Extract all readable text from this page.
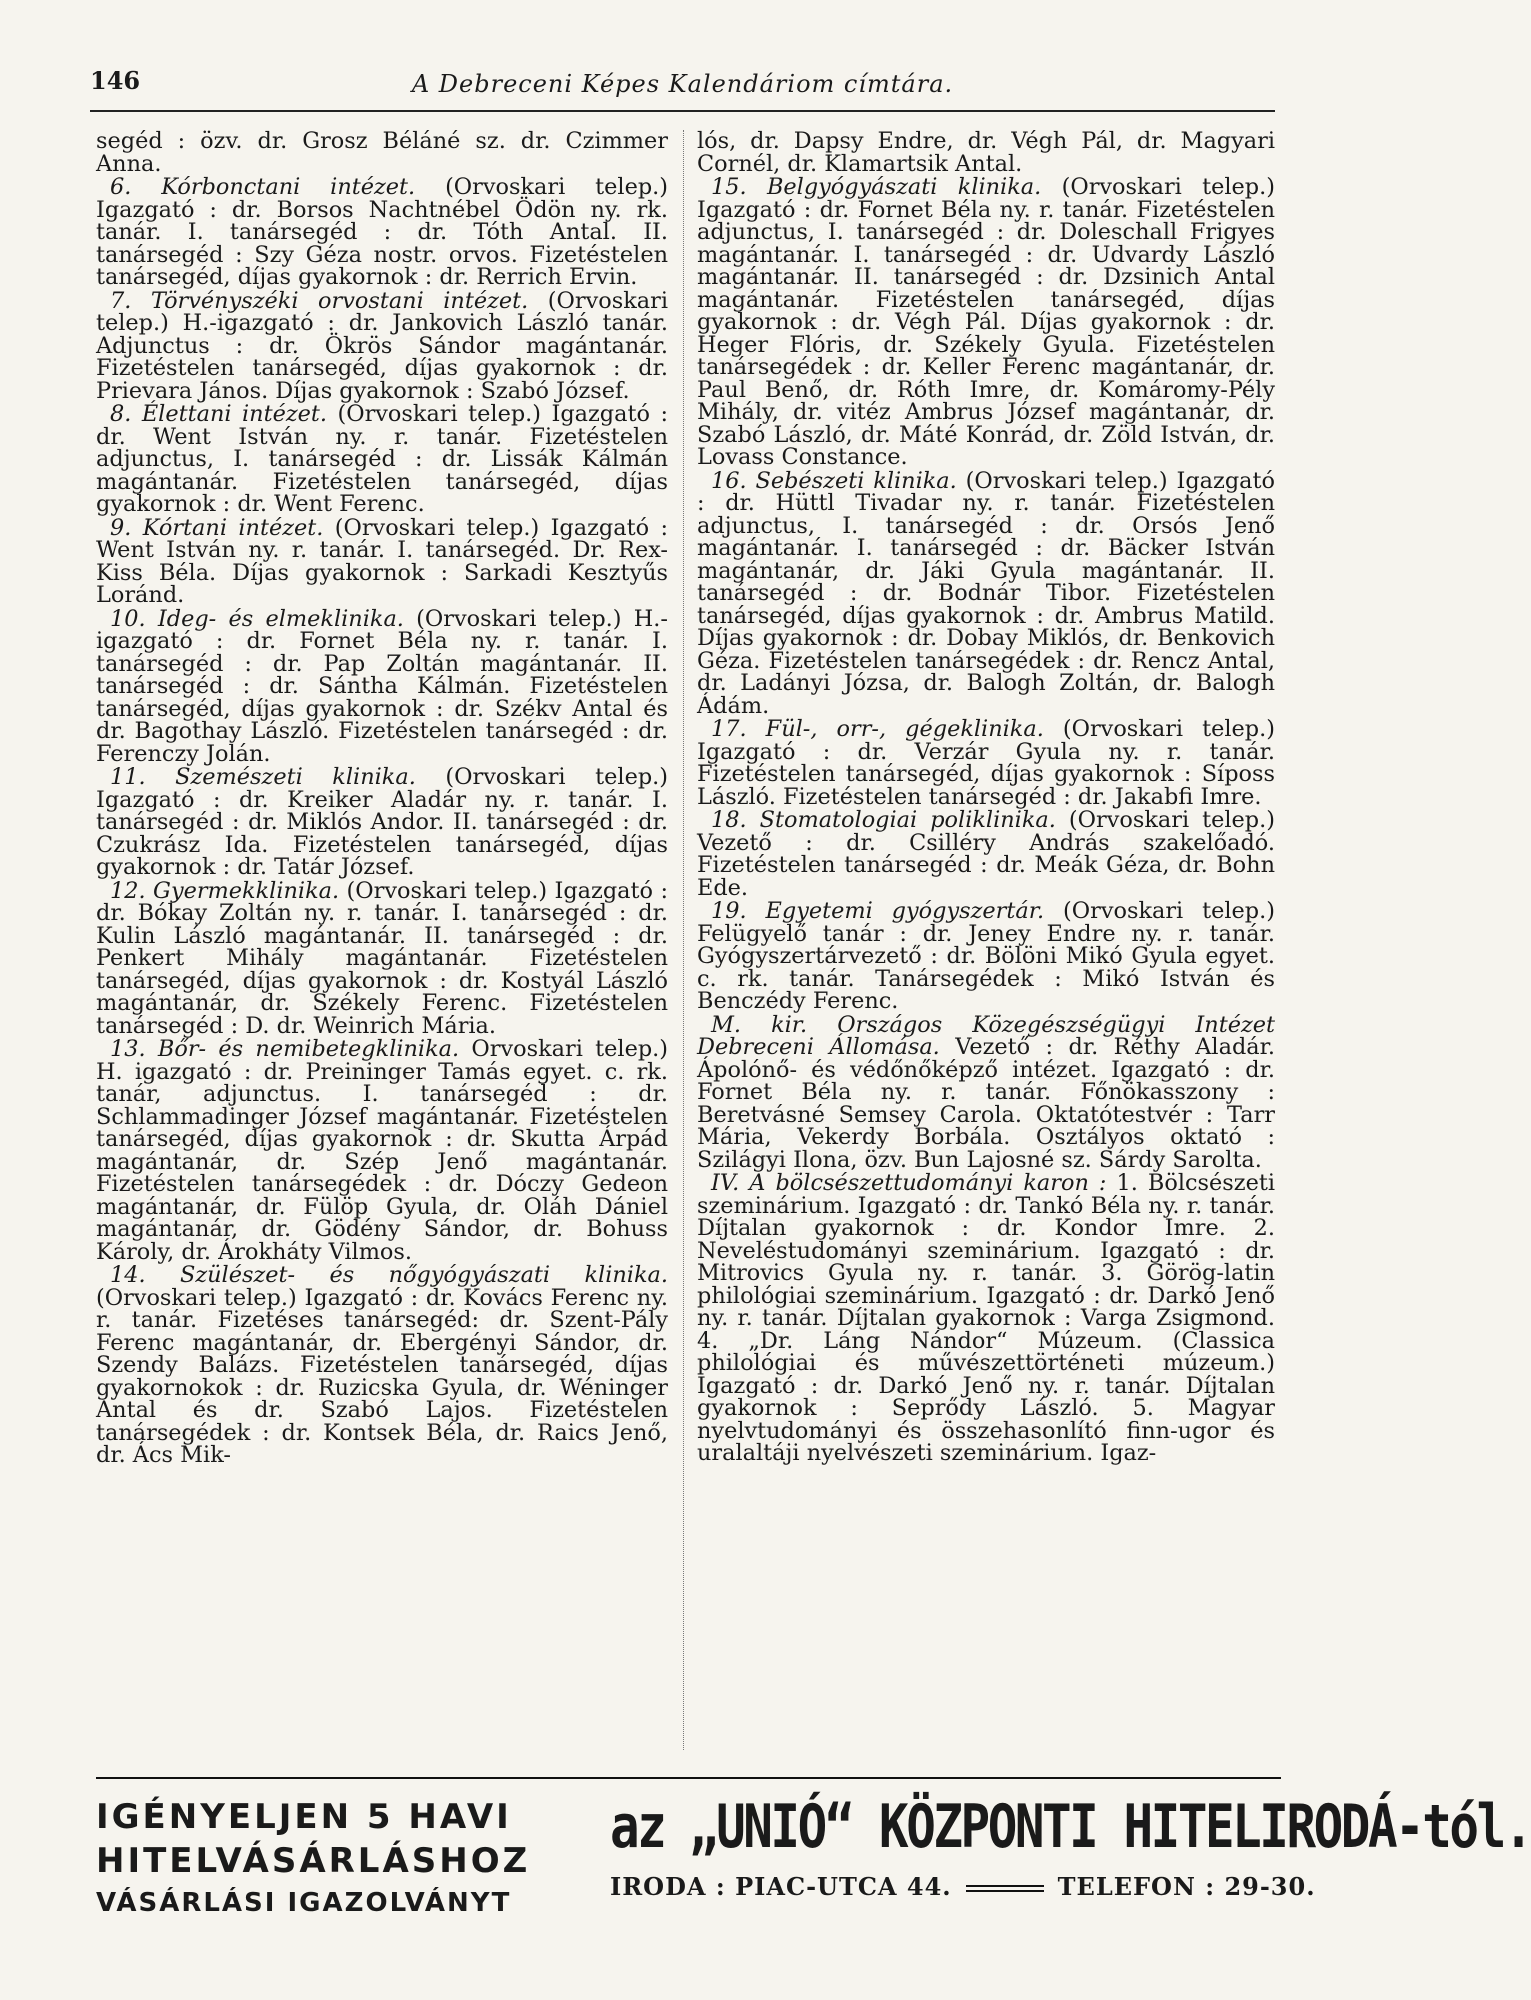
146	A Debreceni Képes Kalendáriom címtára.

segéd : özv. dr. Grosz Béláné sz. dr. Czimmer Anna.

6. Kórbonctani intézet. (Orvoskari telep.) Igazgató : dr. Borsos Nachtnébel Ödön ny. rk. tanár. I. tanársegéd : dr. Tóth Antal. II. tanársegéd : Szy Géza nostr. orvos. Fizetéstelen tanársegéd, díjas gyakornok : dr. Rerrich Ervin.

7. Törvényszéki orvostani intézet. (Orvoskari telep.) H.-igazgató : dr. Jankovich László tanár. Adjunctus : dr. Ökrös Sándor magántanár. Fizetéstelen tanársegéd, díjas gyakornok : dr. Prievara János. Díjas gyakornok : Szabó József.

8. Élettani intézet. (Orvoskari telep.) Igazgató : dr. Went István ny. r. tanár. Fizetéstelen adjunctus, I. tanársegéd : dr. Lissák Kálmán magántanár. Fizetéstelen tanársegéd, díjas gyakornok : dr. Went Ferenc.

9. Kórtani intézet. (Orvoskari telep.) Igazgató : Went István ny. r. tanár. I. tanársegéd. Dr. Rex-Kiss Béla. Díjas gyakornok : Sarkadi Kesztyűs Loránd.

10. Ideg- és elmeklinika. (Orvoskari telep.) H.-igazgató : dr. Fornet Béla ny. r. tanár. I. tanársegéd : dr. Pap Zoltán magántanár. II. tanársegéd : dr. Sántha Kálmán. Fizetéstelen tanársegéd, díjas gyakornok : dr. Székv Antal és dr. Bagothay László. Fizetéstelen tanársegéd : dr. Ferenczy Jolán.

11. Szemészeti klinika. (Orvoskari telep.) Igazgató : dr. Kreiker Aladár ny. r. tanár. I. tanársegéd : dr. Miklós Andor. II. tanársegéd : dr. Czukrász Ida. Fizetéstelen tanársegéd, díjas gyakornok : dr. Tatár József.

12. Gyermekklinika. (Orvoskari telep.) Igazgató : dr. Bókay Zoltán ny. r. tanár. I. tanársegéd : dr. Kulin László magántanár. II. tanársegéd : dr. Penkert Mihály magántanár. Fizetéstelen tanársegéd, díjas gyakornok : dr. Kostyál László magántanár, dr. Székely Ferenc. Fizetéstelen tanársegéd : D. dr. Weinrich Mária.

13. Bőr- és nemibetegklinika. Orvoskari telep.) H. igazgató : dr. Preininger Tamás egyet. c. rk. tanár, adjunctus. I. tanársegéd : dr. Schlammadinger József magántanár. Fizetéstelen tanársegéd, díjas gyakornok : dr. Skutta Árpád magántanár, dr. Szép Jenő magántanár. Fizetéstelen tanársegédek : dr. Dóczy Gedeon magántanár, dr. Fülöp Gyula, dr. Oláh Dániel magántanár, dr. Gödény Sándor, dr. Bohuss Károly, dr. Árokháty Vilmos.

14. Szülészet- és nőgyógyászati klinika. (Orvoskari telep.) Igazgató : dr. Kovács Ferenc ny. r. tanár. Fizetéses tanársegéd: dr. Szent-Pály Ferenc magántanár, dr. Ebergényi Sándor, dr. Szendy Balázs. Fizetéstelen tanársegéd, díjas gyakornokok : dr. Ruzicska Gyula, dr. Wéninger Antal és dr. Szabó Lajos. Fizetéstelen tanársegédek : dr. Kontsek Béla, dr. Raics Jenő, dr. Ács Mik-

lós, dr. Dapsy Endre, dr. Végh Pál, dr. Magyari Cornél, dr. Klamartsik Antal.

15. Belgyógyászati klinika. (Orvoskari telep.) Igazgató : dr. Fornet Béla ny. r. tanár. Fizetéstelen adjunctus, I. tanársegéd : dr. Doleschall Frigyes magántanár. I. tanársegéd : dr. Udvardy László magántanár. II. tanársegéd : dr. Dzsinich Antal magántanár. Fizetéstelen tanársegéd, díjas gyakornok : dr. Végh Pál. Díjas gyakornok : dr. Heger Flóris, dr. Székely Gyula. Fizetéstelen tanársegédek : dr. Keller Ferenc magántanár, dr. Paul Benő, dr. Róth Imre, dr. Komáromy-Pély Mihály, dr. vitéz Ambrus József magántanár, dr. Szabó László, dr. Máté Konrád, dr. Zöld István, dr. Lovass Constance.

16. Sebészeti klinika. (Orvoskari telep.) Igazgató : dr. Hüttl Tivadar ny. r. tanár. Fizetéstelen adjunctus, I. tanársegéd : dr. Orsós Jenő magántanár. I. tanársegéd : dr. Bäcker István magántanár, dr. Jáki Gyula magántanár. II. tanársegéd : dr. Bodnár Tibor. Fizetéstelen tanársegéd, díjas gyakornok : dr. Ambrus Matild. Díjas gyakornok : dr. Dobay Miklós, dr. Benkovich Géza. Fizetéstelen tanársegédek : dr. Rencz Antal, dr. Ladányi Józsa, dr. Balogh Zoltán, dr. Balogh Ádám.

17. Fül-, orr-, gégeklinika. (Orvoskari telep.) Igazgató : dr. Verzár Gyula ny. r. tanár. Fizetéstelen tanársegéd, díjas gyakornok : Síposs László. Fizetéstelen tanársegéd : dr. Jakabfi Imre.

18. Stomatologiai poliklinika. (Orvoskari telep.) Vezető : dr. Csilléry András szakelőadó. Fizetéstelen tanársegéd : dr. Meák Géza, dr. Bohn Ede.

19. Egyetemi gyógyszertár. (Orvoskari telep.) Felügyelő tanár : dr. Jeney Endre ny. r. tanár. Gyógyszertárvezető : dr. Bölöni Mikó Gyula egyet. c. rk. tanár. Tanársegédek : Mikó István és Benczédy Ferenc.

M. kir. Országos Közegészségügyi Intézet Debreceni Állomása. Vezető : dr. Réthy Aladár. Ápolónő- és védőnőképző intézet. Igazgató : dr. Fornet Béla ny. r. tanár. Főnökasszony : Beretvásné Semsey Carola. Oktatótestvér : Tarr Mária, Vekerdy Borbála. Osztályos oktató : Szilágyi Ilona, özv. Bun Lajosné sz. Sárdy Sarolta.

IV. A bölcsészettudományi karon : 1. Bölcsészeti szeminárium. Igazgató : dr. Tankó Béla ny. r. tanár. Díjtalan gyakornok : dr. Kondor Imre. 2. Neveléstudományi szeminárium. Igazgató : dr. Mitrovics Gyula ny. r. tanár. 3. Görög-latin philológiai szeminárium. Igazgató : dr. Darkó Jenő ny. r. tanár. Díjtalan gyakornok : Varga Zsigmond. 4. „Dr. Láng Nándor“ Múzeum. (Classica philológiai és művészettörténeti múzeum.) Igazgató : dr. Darkó Jenő ny. r. tanár. Díjtalan gyakornok : Seprődy László. 5. Magyar nyelvtudományi és összehasonlító finn-ugor és uralaltáji nyelvészeti szeminárium. Igaz-

IGÉNYELJEN 5 HAVI
HITELVÁSÁRLÁSHOZ
VÁSÁRLÁSI IGAZOLVÁNYT
az „UNIÓ“ KÖZPONTI HITELIRODÁ-tól.
IRODA : PIAC-UTCA 44.	TELEFON : 29-30.
